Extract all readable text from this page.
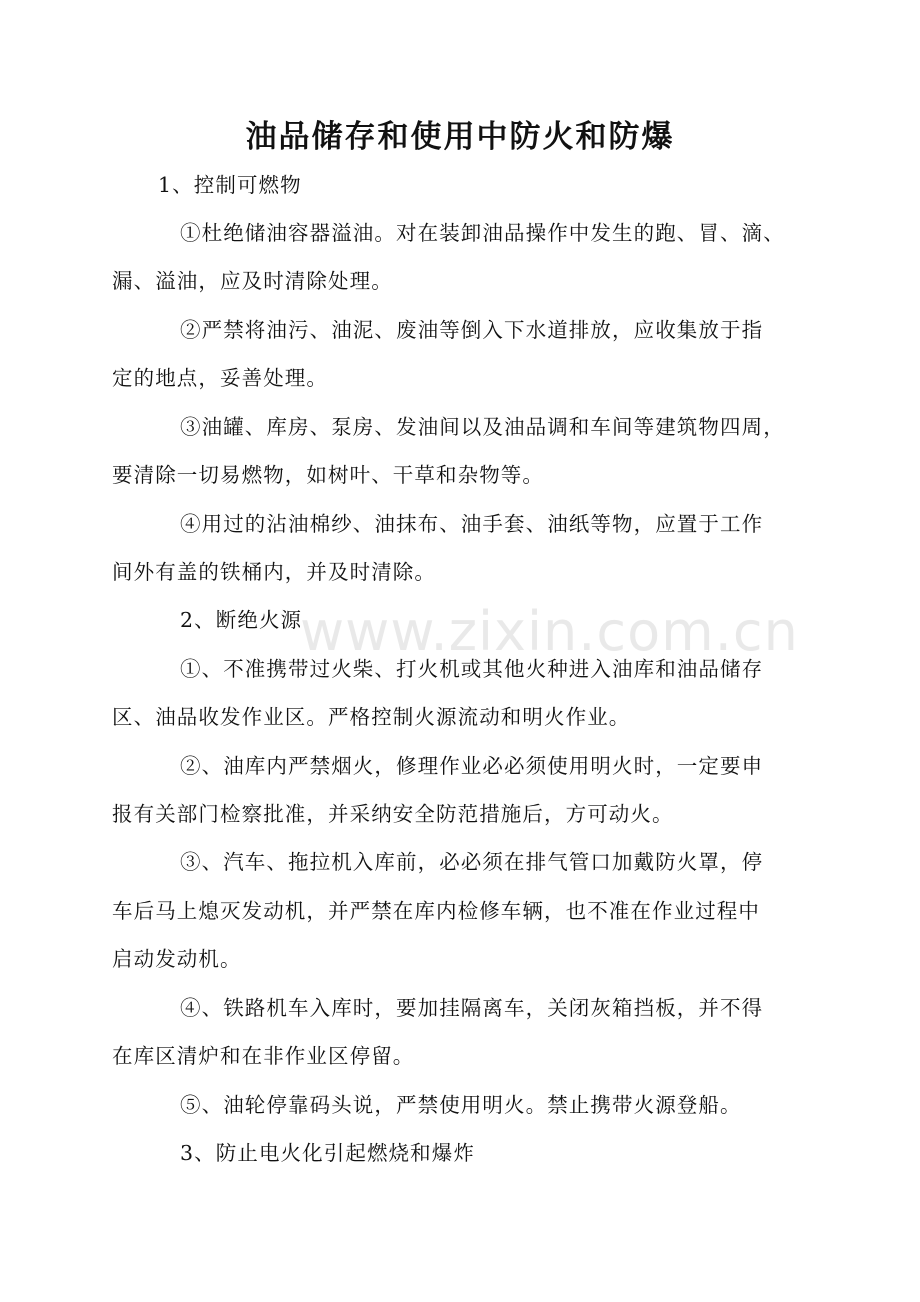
油品储存和使用中防火和防爆
1、控制可燃物
①杜绝储油容器溢油。对在装卸油品操作中发生的跑、冒、滴、
漏、溢油，应及时清除处理。
②严禁将油污、油泥、废油等倒入下水道排放，应收集放于指
定的地点，妥善处理。
③油罐、库房、泵房、发油间以及油品调和车间等建筑物四周，
要清除一切易燃物，如树叶、干草和杂物等。
④用过的沾油棉纱、油抹布、油手套、油纸等物，应置于工作
间外有盖的铁桶内，并及时清除。
2、断绝火源
①、不准携带过火柴、打火机或其他火种进入油库和油品储存
区、油品收发作业区。严格控制火源流动和明火作业。
②、油库内严禁烟火，修理作业必必须使用明火时，一定要申
报有关部门检察批准，并采纳安全防范措施后，方可动火。
③、汽车、拖拉机入库前，必必须在排气管口加戴防火罩，停
车后马上熄灭发动机，并严禁在库内检修车辆，也不准在作业过程中
启动发动机。
④、铁路机车入库时，要加挂隔离车，关闭灰箱挡板，并不得
在库区清炉和在非作业区停留。
⑤、油轮停靠码头说，严禁使用明火。禁止携带火源登船。
3、防止电火化引起燃烧和爆炸
www.zixin.com.cn
